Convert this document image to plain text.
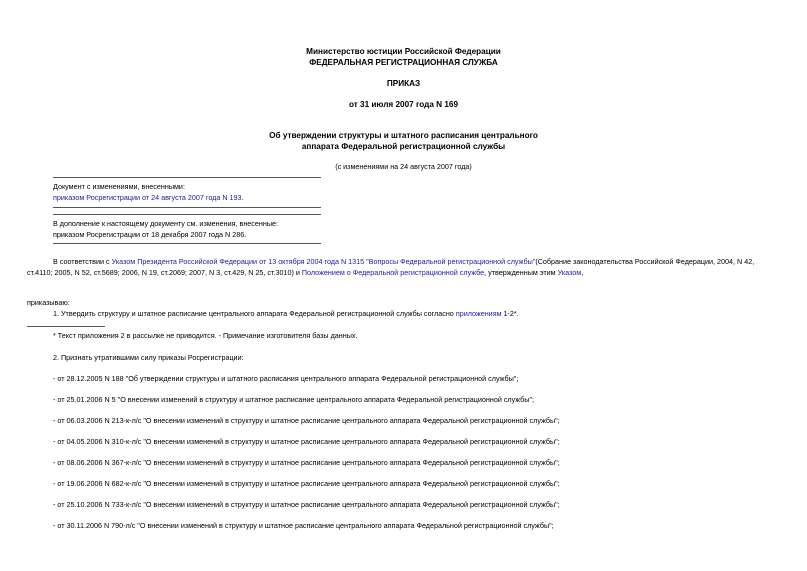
Министерство юстиции Российской Федерации
ФЕДЕРАЛЬНАЯ РЕГИСТРАЦИОННАЯ СЛУЖБА
ПРИКАЗ
от 31 июля 2007 года N 169
Об утверждении структуры и штатного расписания центрального
аппарата Федеральной регистрационной службы
(с изменениями на 24 августа 2007 года)
Документ с изменениями, внесенными:
приказом Росрегистрации от 24 августа 2007 года N 193.
В дополнение к настоящему документу см. изменения, внесенные:
приказом Росрегистрации от 18 декабря 2007 года N 286.
В соответствии с Указом Президента Российской Федерации от 13 октября 2004 года N 1315 "Вопросы Федеральной регистрационной службы"(Собрание законодательства Российской Федерации, 2004, N 42,
ст.4110; 2005, N 52, ст.5689; 2006, N 19, ст.2069; 2007, N 3, ст.429, N 25, ст.3010) и Положением о Федеральной регистрационной службе, утвержденным этим Указом,
приказываю:
1. Утвердить структуру и штатное расписание центрального аппарата Федеральной регистрационной службы согласно приложениям 1-2*.
* Текст приложения 2 в рассылке не приводится. - Примечание изготовителя базы данных.
2. Признать утратившими силу приказы Росрегистрации:
- от 28.12.2005 N 188 "Об утверждении структуры и штатного расписания центрального аппарата Федеральной регистрационной службы";
- от 25.01.2006 N 5 "О внесении изменений в структуру и штатное расписание центрального аппарата Федеральной регистрационной службы";
- от 06.03.2006 N 213-к-л/с "О внесении изменений в структуру и штатное расписание центрального аппарата Федеральной регистрационной службы";
- от 04.05.2006 N 310-к-л/с "О внесении изменений в структуру и штатное расписание центрального аппарата Федеральной регистрационной службы";
- от 08.06.2006 N 367-к-л/с "О внесении изменений в структуру и штатное расписание центрального аппарата Федеральной регистрационной службы";
- от 19.06.2006 N 682-к-л/с "О внесении изменений в структуру и штатное расписание центрального аппарата Федеральной регистрационной службы";
- от 25.10.2006 N 733-к-л/с "О внесении изменений в структуру и штатное расписание центрального аппарата Федеральной регистрационной службы";
- от 30.11.2006 N 790-л/с "О внесении изменений в структуру и штатное расписание центрального аппарата Федеральной регистрационной службы";
